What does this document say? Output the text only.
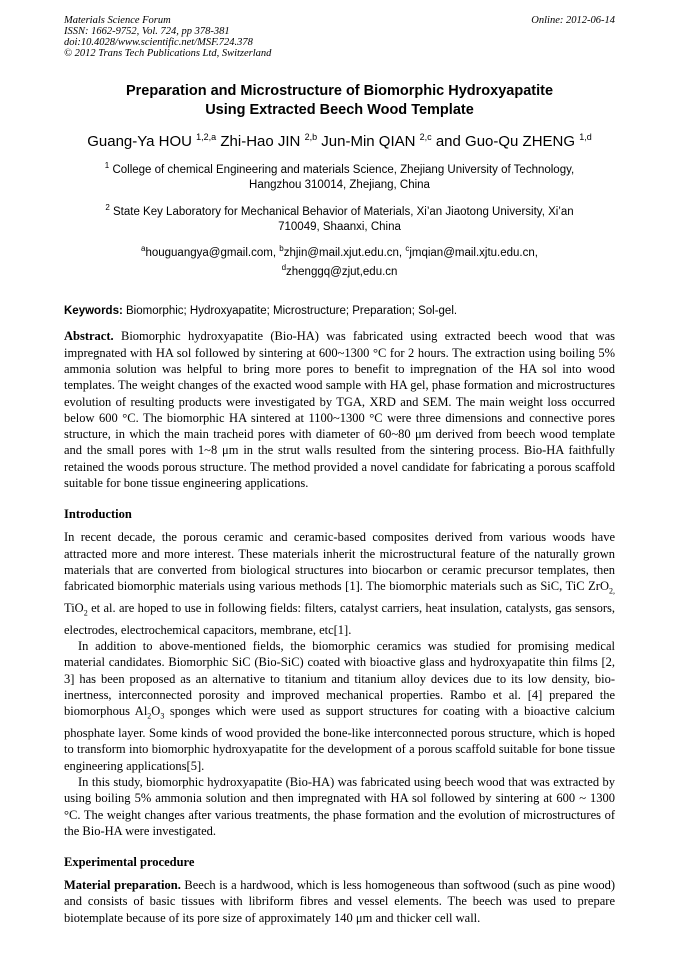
Materials Science Forum
ISSN: 1662-9752, Vol. 724, pp 378-381
doi:10.4028/www.scientific.net/MSF.724.378
© 2012 Trans Tech Publications Ltd, Switzerland
Online: 2012-06-14
Preparation and Microstructure of Biomorphic Hydroxyapatite
Using Extracted Beech Wood Template
Guang-Ya HOU $^{1,2,a}$ Zhi-Hao JIN $^{2,b}$ Jun-Min QIAN $^{2,c}$ and Guo-Qu ZHENG $^{1,d}$
$^1$ College of chemical Engineering and materials Science, Zhejiang University of Technology,
Hangzhou 310014, Zhejiang, China
$^2$ State Key Laboratory for Mechanical Behavior of Materials, Xi’an Jiaotong University, Xi’an
710049, Shaanxi, China
$^a$houguangya@gmail.com, $^b$zhjin@mail.xjut.edu.cn, $^c$jmqian@mail.xjtu.edu.cn,
$^d$zhenggq@zjut,edu.cn
Keywords: Biomorphic; Hydroxyapatite; Microstructure; Preparation; Sol-gel.
Abstract. Biomorphic hydroxyapatite (Bio-HA) was fabricated using extracted beech wood that was impregnated with HA sol followed by sintering at 600~1300 °C for 2 hours. The extraction using boiling 5% ammonia solution was helpful to bring more pores to benefit to impregnation of the HA sol into wood templates. The weight changes of the exacted wood sample with HA gel, phase formation and microstructures evolution of resulting products were investigated by TGA, XRD and SEM. The main weight loss occurred below 600 °C. The biomorphic HA sintered at 1100~1300 °C were three dimensions and connective pores structure, in which the main tracheid pores with diameter of 60~80 μm derived from beech wood template and the small pores with 1~8 μm in the strut walls resulted from the sintering process. Bio-HA faithfully retained the woods porous structure. The method provided a novel candidate for fabricating a porous scaffold suitable for bone tissue engineering applications.
Introduction

In recent decade, the porous ceramic and ceramic-based composites derived from various woods have attracted more and more interest. These materials inherit the microstructural feature of the naturally grown materials that are converted from biological structures into biocarbon or ceramic precursor templates, then fabricated biomorphic materials using various methods [1]. The biomorphic materials such as SiC, TiC ZrO$_{2,}$ TiO$_2$ et al. are hoped to use in following fields: filters, catalyst carriers, heat insulation, catalysts, gas sensors, electrodes, electrochemical capacitors, membrane, etc[1].

In addition to above-mentioned fields, the biomorphic ceramics was studied for promising medical material candidates. Biomorphic SiC (Bio-SiC) coated with bioactive glass and hydroxyapatite thin films [2, 3] has been proposed as an alternative to titanium and titanium alloy devices due to its low density, bio-inertness, interconnected porosity and improved mechanical properties. Rambo et al. [4] prepared the biomorphous $Al_2O_3$ sponges which were used as support structures for coating with a bioactive calcium phosphate layer. Some kinds of wood provided the bone-like interconnected porous structure, which is hoped to transform into biomorphic hydroxyapatite for the development of a porous scaffold suitable for bone tissue engineering applications[5].

In this study, biomorphic hydroxyapatite (Bio-HA) was fabricated using beech wood that was extracted by using boiling 5% ammonia solution and then impregnated with HA sol followed by sintering at 600 ~ 1300 °C. The weight changes after various treatments, the phase formation and the evolution of microstructures of the Bio-HA were investigated.

Experimental procedure

Material preparation. Beech is a hardwood, which is less homogeneous than softwood (such as pine wood) and consists of basic tissues with libriform fibres and vessel elements. The beech was used to prepare biotemplate because of its pore size of approximately 140 μm and thicker cell wall.
